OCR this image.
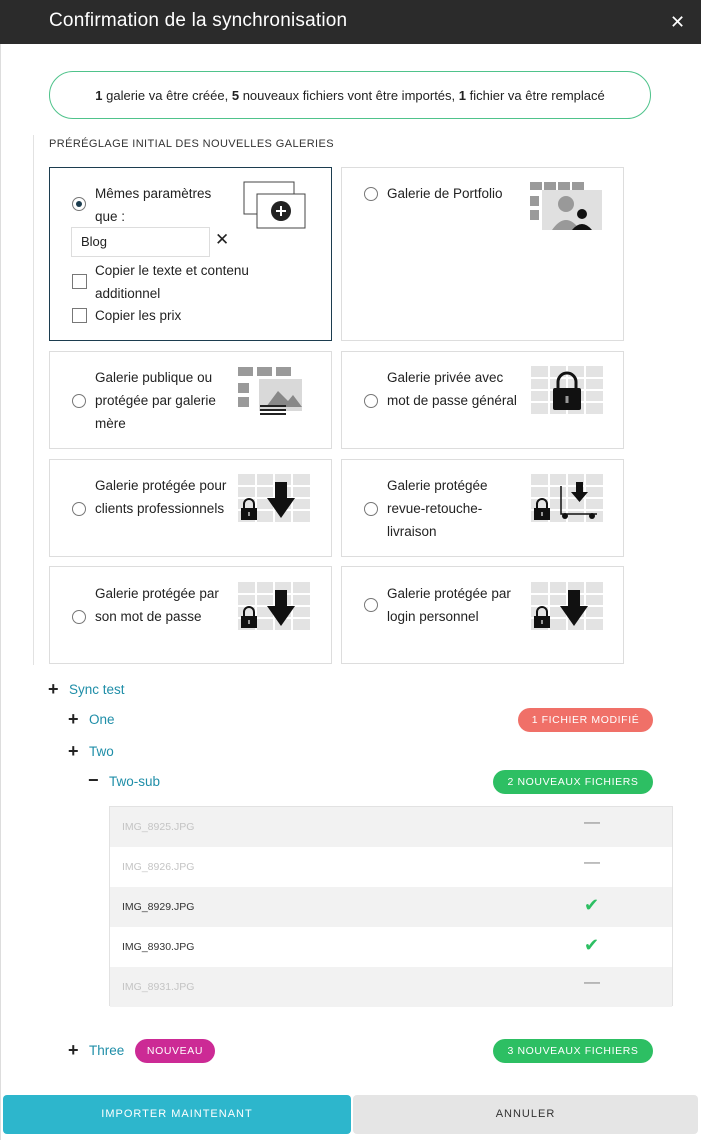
Confirmation de la synchronisation	✕
1 galerie va être créée, 5 nouveaux fichiers vont être importés, 1 fichier va être remplacé
PRÉRÉGLAGE INITIAL DES NOUVELLES GALERIES
Mêmes paramètres que :
Blog	✕
Copier le texte et contenu additionnel
Copier les prix
Galerie de Portfolio
Galerie publique ou protégée par galerie mère
Galerie privée avec mot de passe général
Galerie protégée pour clients professionnels
Galerie protégée revue-retouche-livraison
Galerie protégée par son mot de passe
Galerie protégée par login personnel
+ Sync test
+ One	1 FICHIER MODIFIÉ
+ Two
− Two-sub	2 NOUVEAUX FICHIERS
IMG_8925.JPG	—
IMG_8926.JPG	—
IMG_8929.JPG	✔
IMG_8930.JPG	✔
IMG_8931.JPG	—
+ Three	NOUVEAU	3 NOUVEAUX FICHIERS
IMPORTER MAINTENANT	ANNULER
